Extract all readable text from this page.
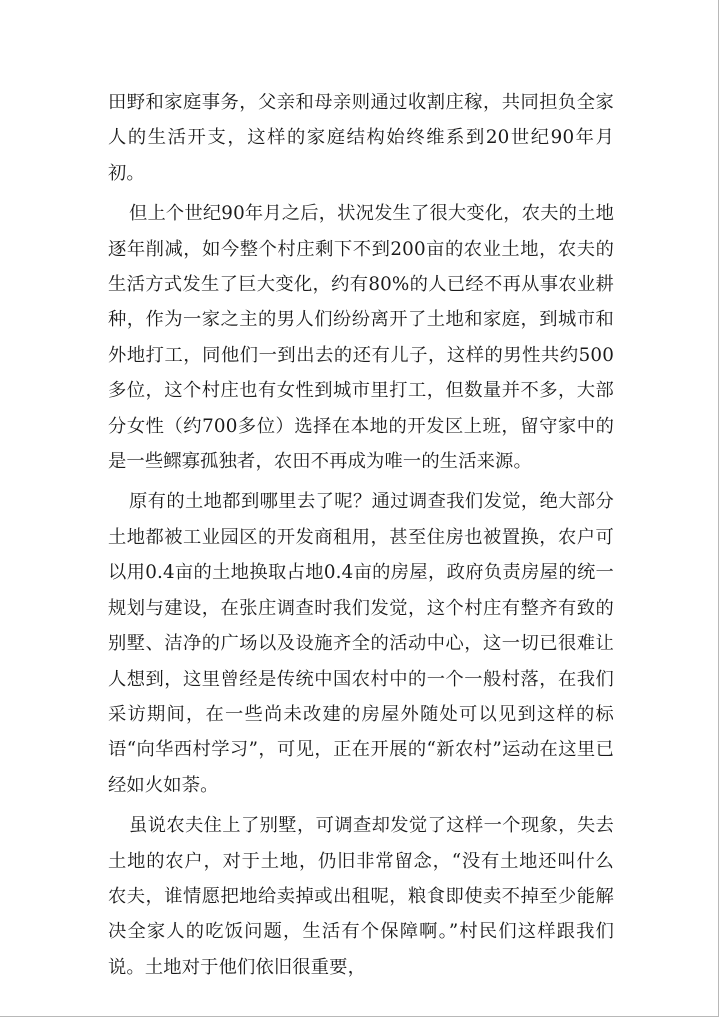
田野和家庭事务，父亲和母亲则通过收割庄稼，共同担负全家人的生活开支，这样的家庭结构始终维系到20世纪90年月初。

但上个世纪90年月之后，状况发生了很大变化，农夫的土地逐年削减，如今整个村庄剩下不到200亩的农业土地，农夫的生活方式发生了巨大变化，约有80%的人已经不再从事农业耕种，作为一家之主的男人们纷纷离开了土地和家庭，到城市和外地打工，同他们一到出去的还有儿子，这样的男性共约500多位，这个村庄也有女性到城市里打工，但数量并不多，大部分女性（约700多位）选择在本地的开发区上班，留守家中的是一些鳏寡孤独者，农田不再成为唯一的生活来源。

原有的土地都到哪里去了呢？通过调查我们发觉，绝大部分土地都被工业园区的开发商租用，甚至住房也被置换，农户可以用0.4亩的土地换取占地0.4亩的房屋，政府负责房屋的统一规划与建设，在张庄调查时我们发觉，这个村庄有整齐有致的别墅、洁净的广场以及设施齐全的活动中心，这一切已很难让人想到，这里曾经是传统中国农村中的一个一般村落，在我们采访期间，在一些尚未改建的房屋外随处可以见到这样的标语“向华西村学习”，可见，正在开展的“新农村”运动在这里已经如火如荼。

虽说农夫住上了别墅，可调查却发觉了这样一个现象，失去土地的农户，对于土地，仍旧非常留念，“没有土地还叫什么农夫，谁情愿把地给卖掉或出租呢，粮食即使卖不掉至少能解决全家人的吃饭问题，生活有个保障啊。”村民们这样跟我们说。土地对于他们依旧很重要，
